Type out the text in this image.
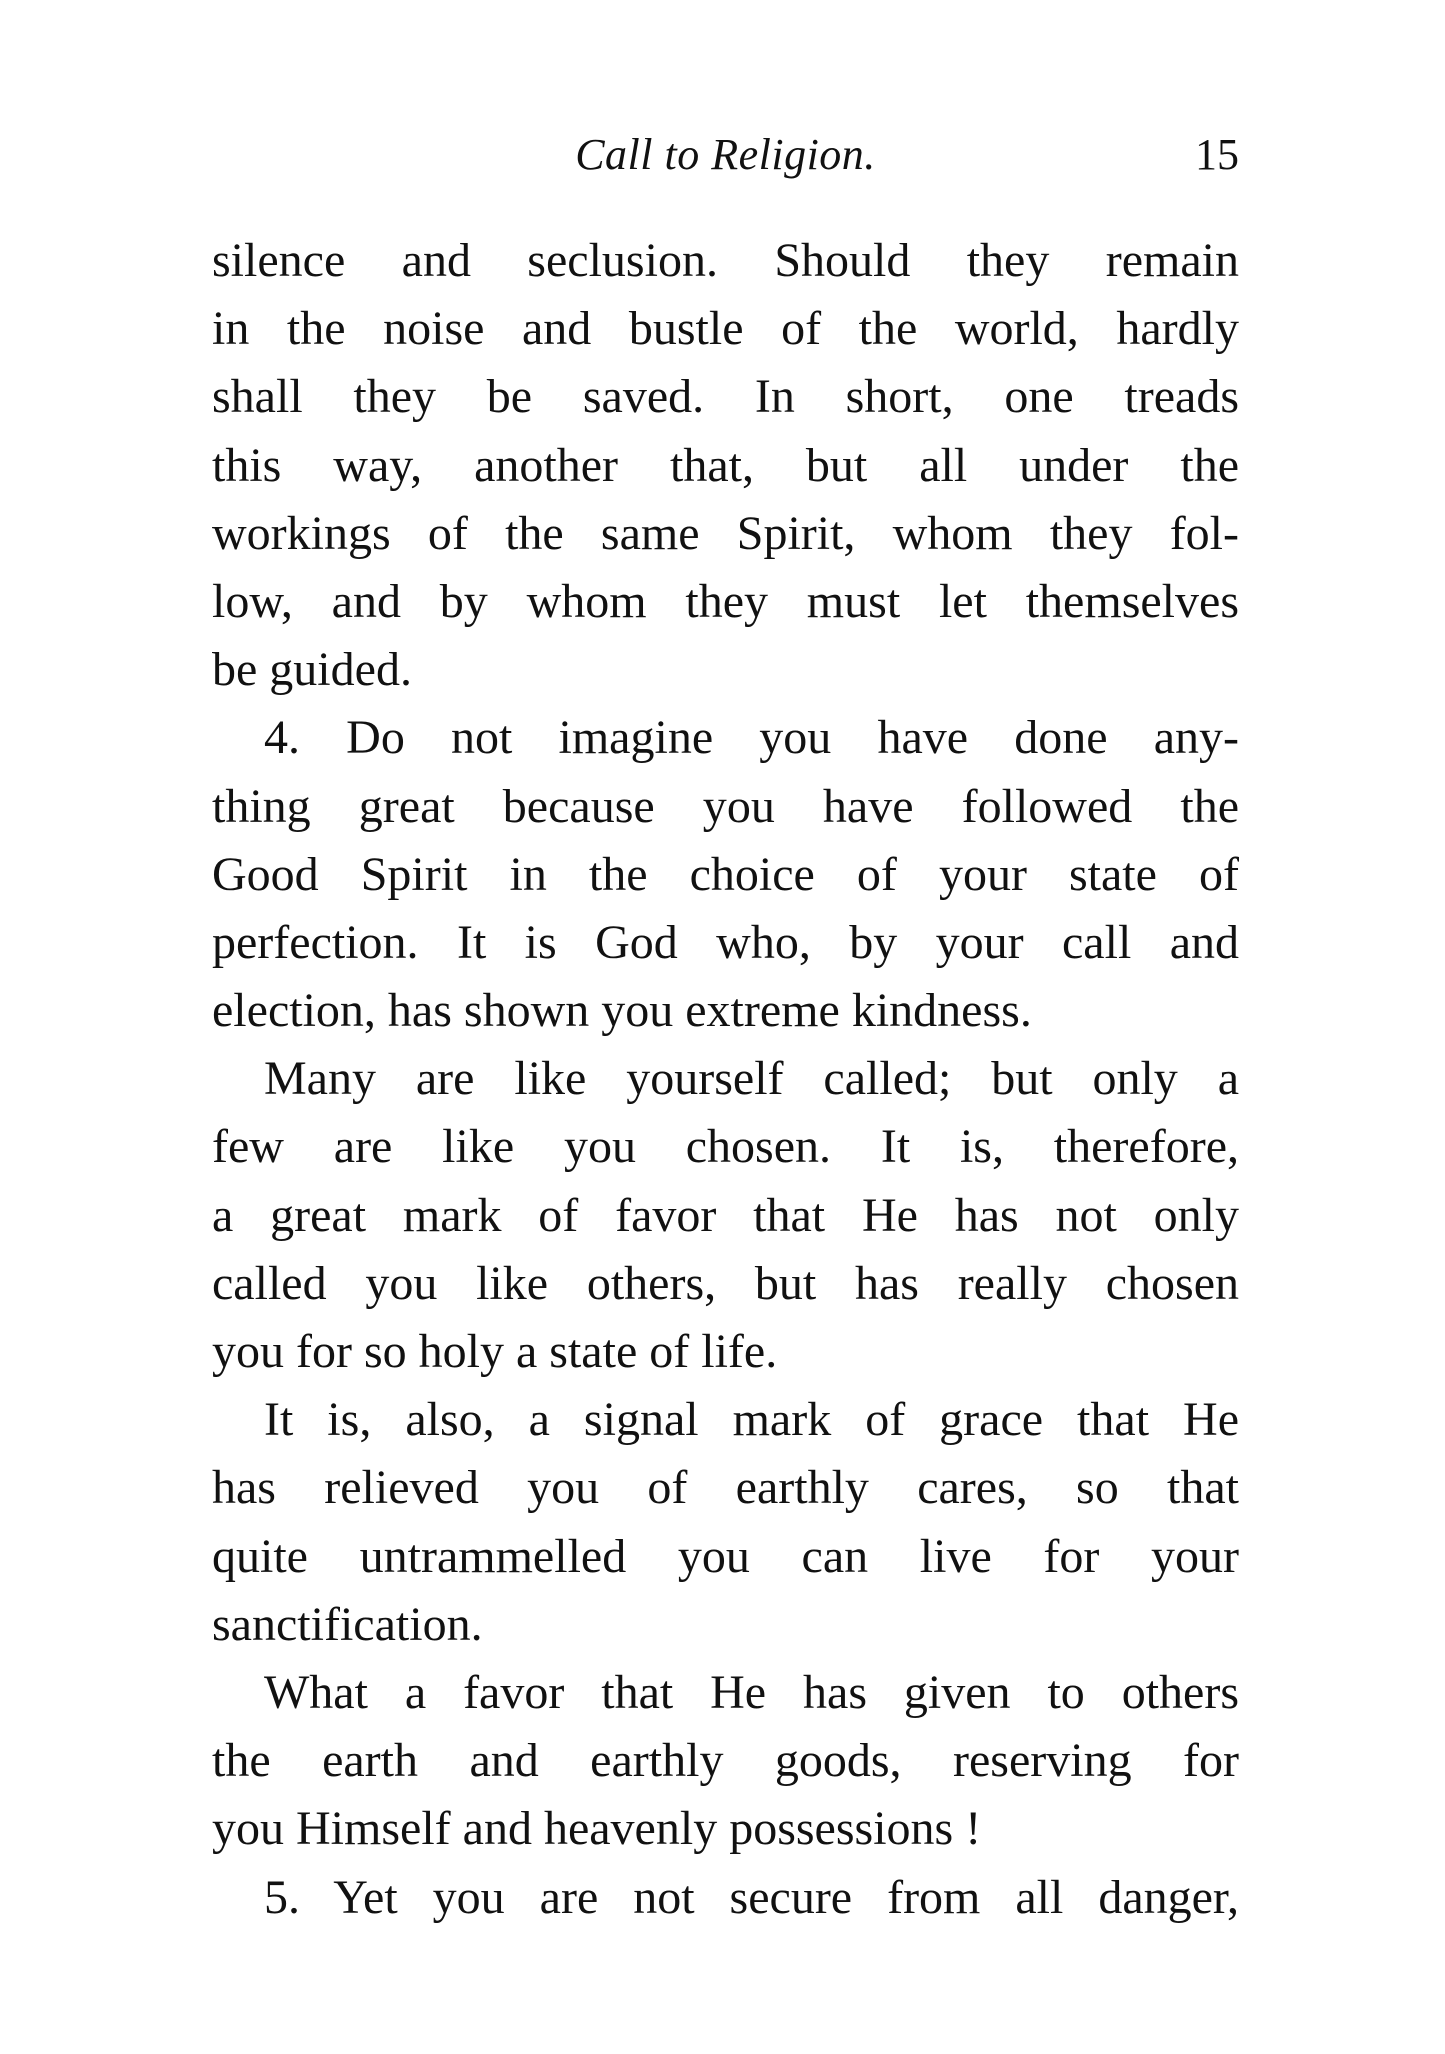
Call to Religion.	15
silence and seclusion. Should they remain
in the noise and bustle of the world, hardly
shall they be saved. In short, one treads
this way, another that, but all under the
workings of the same Spirit, whom they fol-
low, and by whom they must let themselves
be guided.
4. Do not imagine you have done any-
thing great because you have followed the
Good Spirit in the choice of your state of
perfection. It is God who, by your call and
election, has shown you extreme kindness.
Many are like yourself called; but only a
few are like you chosen. It is, therefore,
a great mark of favor that He has not only
called you like others, but has really chosen
you for so holy a state of life.
It is, also, a signal mark of grace that He
has relieved you of earthly cares, so that
quite untrammelled you can live for your
sanctification.
What a favor that He has given to others
the earth and earthly goods, reserving for
you Himself and heavenly possessions !
5. Yet you are not secure from all danger,
